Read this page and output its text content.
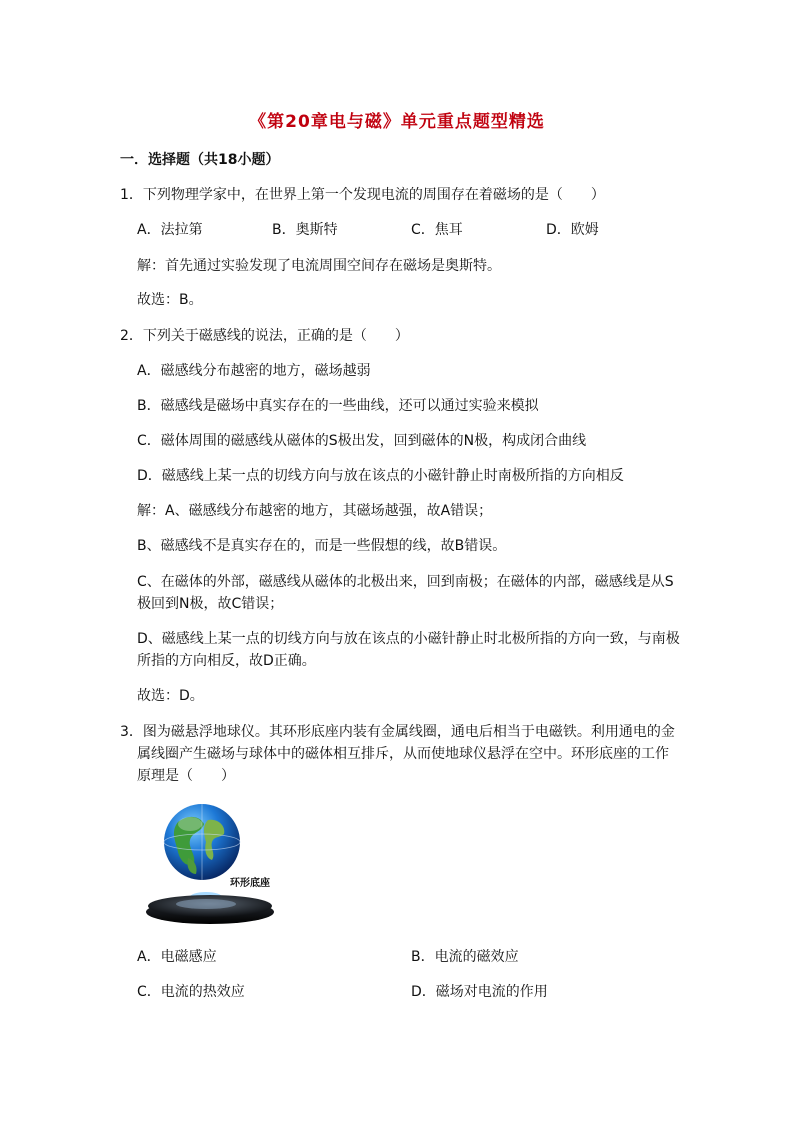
《第20章电与磁》单元重点题型精选
一．选择题（共18小题）
1．下列物理学家中，在世界上第一个发现电流的周围存在着磁场的是（　　）
A．法拉第	B．奥斯特	C．焦耳	D．欧姆
解：首先通过实验发现了电流周围空间存在磁场是奥斯特。
故选：B。
2．下列关于磁感线的说法，正确的是（　　）
A．磁感线分布越密的地方，磁场越弱
B．磁感线是磁场中真实存在的一些曲线，还可以通过实验来模拟
C．磁体周围的磁感线从磁体的S极出发，回到磁体的N极，构成闭合曲线
D．磁感线上某一点的切线方向与放在该点的小磁针静止时南极所指的方向相反
解：A、磁感线分布越密的地方，其磁场越强，故A错误；
B、磁感线不是真实存在的，而是一些假想的线，故B错误。
C、在磁体的外部，磁感线从磁体的北极出来，回到南极；在磁体的内部，磁感线是从S
极回到N极，故C错误；
D、磁感线上某一点的切线方向与放在该点的小磁针静止时北极所指的方向一致，与南极
所指的方向相反，故D正确。
故选：D。
3．图为磁悬浮地球仪。其环形底座内装有金属线圈，通电后相当于电磁铁。利用通电的金
属线圈产生磁场与球体中的磁体相互排斥，从而使地球仪悬浮在空中。环形底座的工作
原理是（　　）
环形底座
A．电磁感应	B．电流的磁效应
C．电流的热效应	D．磁场对电流的作用
